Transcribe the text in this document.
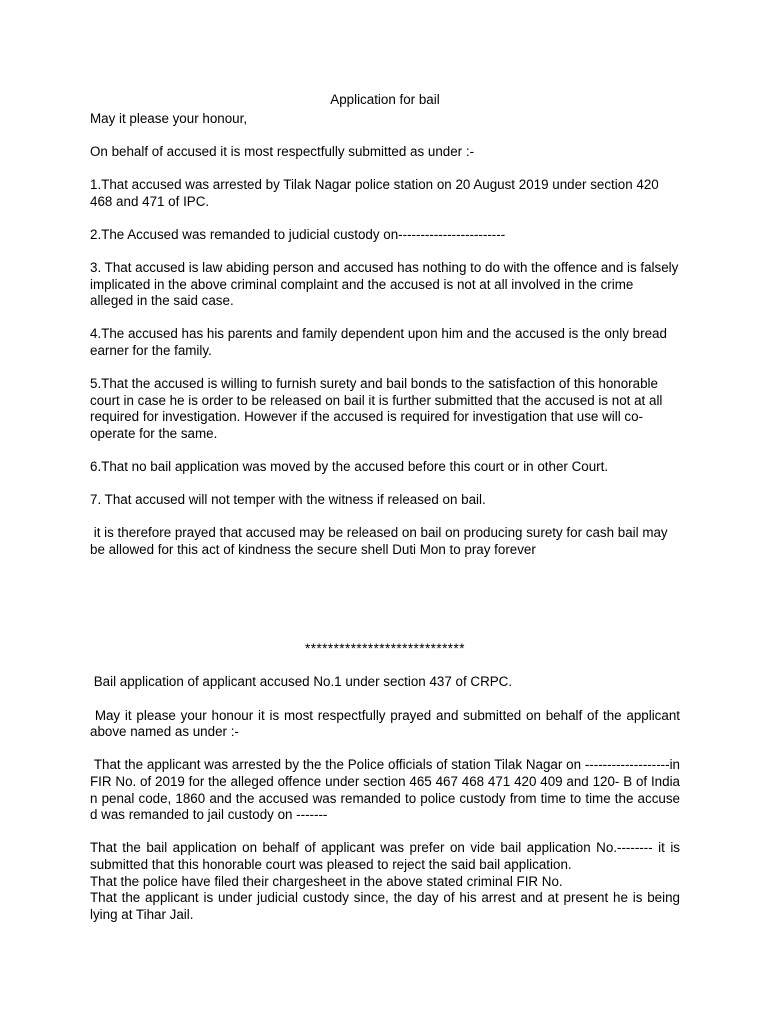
Application for bail

May it please your honour,

On behalf of accused it is most respectfully submitted as under :-

1.That accused was arrested by Tilak Nagar police station on 20 August 2019 under section 420 468 and 471 of IPC.

2.The Accused was remanded to judicial custody on------------------------

3. That accused is law abiding person and accused has nothing to do with the offence and is falsely implicated in the above criminal complaint and the accused is not at all involved in the crime alleged in the said case.

4.The accused has his parents and family dependent upon him and the accused is the only bread earner for the family.

5.That the accused is willing to furnish surety and bail bonds to the satisfaction of this honorable court in case he is order to be released on bail it is further submitted that the accused is not at all required for investigation. However if the accused is required for investigation that use will co-operate for the same.

6.That no bail application was moved by the accused before this court or in other Court.

7. That accused will not temper with the witness if released on bail.

it is therefore prayed that accused may be released on bail on producing surety for cash bail may be allowed for this act of kindness the secure shell Duti Mon to pray forever

****************************

Bail application of applicant accused No.1 under section 437 of CRPC.

May it please your honour it is most respectfully prayed and submitted on behalf of the applicant above named as under :-

That the applicant was arrested by the the Police officials of station Tilak Nagar on -------------------in FIR No. of 2019 for the alleged offence under section 465 467 468 471 420 409 and 120- B of Indian penal code, 1860 and the accused was remanded to police custody from time to time the accused was remanded to jail custody on -------

That the bail application on behalf of applicant was prefer on vide bail application No.-------- it is submitted that this honorable court was pleased to reject the said bail application.

That the police have filed their chargesheet in the above stated criminal FIR No.

That the applicant is under judicial custody since, the day of his arrest and at present he is being lying at Tihar Jail.
